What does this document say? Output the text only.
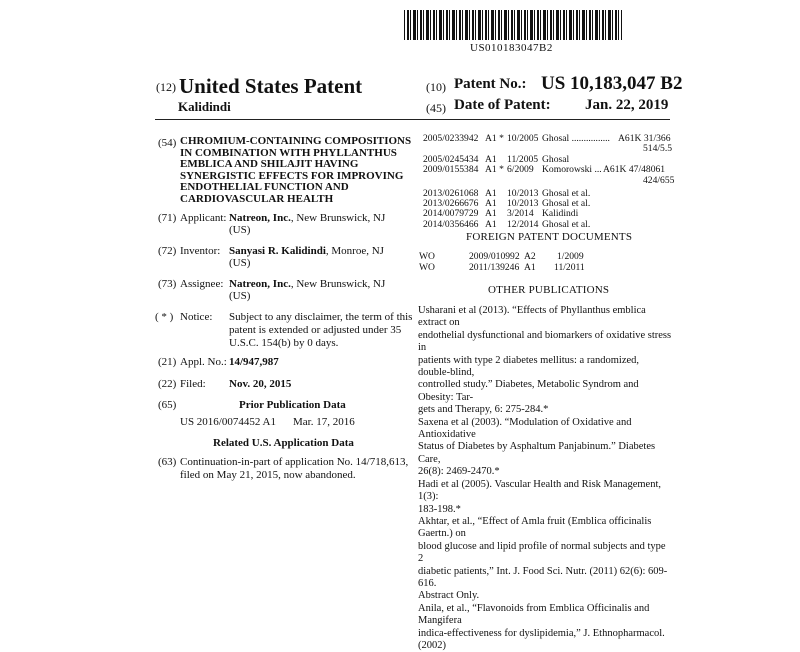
US010183047B2
(12) United States Patent
Kalidindi
(10) Patent No.: US 10,183,047 B2
(45) Date of Patent: Jan. 22, 2019
(54) CHROMIUM-CONTAINING COMPOSITIONS
IN COMBINATION WITH PHYLLANTHUS
EMBLICA AND SHILAJIT HAVING
SYNERGISTIC EFFECTS FOR IMPROVING
ENDOTHELIAL FUNCTION AND
CARDIOVASCULAR HEALTH
(71) Applicant: Natreon, Inc., New Brunswick, NJ
(US)
(72) Inventor: Sanyasi R. Kalidindi, Monroe, NJ
(US)
(73) Assignee: Natreon, Inc., New Brunswick, NJ
(US)
( * ) Notice: Subject to any disclaimer, the term of this
patent is extended or adjusted under 35
U.S.C. 154(b) by 0 days.
(21) Appl. No.: 14/947,987
(22) Filed: Nov. 20, 2015
(65)	Prior Publication Data
US 2016/0074452 A1 Mar. 17, 2016
Related U.S. Application Data
(63) Continuation-in-part of application No. 14/718,613,
filed on May 21, 2015, now abandoned.
2005/0233942 A1 * 10/2005 Ghosal ................ A61K 31/366
514/5.5
2005/0245434 A1 11/2005 Ghosal
2009/0155384 A1 * 6/2009 Komorowski ... A61K 47/48061
424/655
2013/0261068 A1 10/2013 Ghosal et al.
2013/0266676 A1 10/2013 Ghosal et al.
2014/0079729 A1 3/2014 Kalidindi
2014/0356466 A1 12/2014 Ghosal et al.
FOREIGN PATENT DOCUMENTS
WO	2009/010992 A2 1/2009
WO	2011/139246 A1 11/2011
OTHER PUBLICATIONS
Usharani et al (2013). “Effects of Phyllanthus emblica extract on
endothelial dysfunctional and biomarkers of oxidative stress in
patients with type 2 diabetes mellitus: a randomized, double-blind,
controlled study.” Diabetes, Metabolic Syndrom and Obesity: Tar-
gets and Therapy, 6: 275-284.*
Saxena et al (2003). “Modulation of Oxidative and Antioxidative
Status of Diabetes by Asphaltum Panjabinum.” Diabetes Care,
26(8): 2469-2470.*
Hadi et al (2005). Vascular Health and Risk Management, 1(3):
183-198.*
Akhtar, et al., “Effect of Amla fruit (Emblica officinalis Gaertn.) on
blood glucose and lipid profile of normal subjects and type 2
diabetic patients,” Int. J. Food Sci. Nutr. (2011) 62(6): 609-616.
Abstract Only.
Anila, et al., “Flavonoids from Emblica Officinalis and Mangifera
indica-effectiveness for dyslipidemia,” J. Ethnopharmacol. (2002)
